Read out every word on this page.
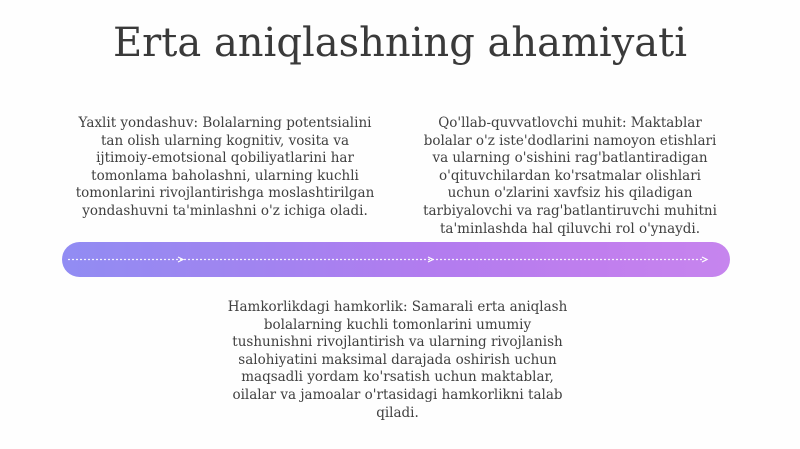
Erta aniqlashning ahamiyati
Yaxlit yondashuv: Bolalarning potentsialini tan olish ularning kognitiv, vosita va ijtimoiy-emotsional qobiliyatlarini har tomonlama baholashni, ularning kuchli tomonlarini rivojlantirishga moslashtirilgan yondashuvni ta'minlashni o'z ichiga oladi.
Qo'llab-quvvatlovchi muhit: Maktablar bolalar o'z iste'dodlarini namoyon etishlari va ularning o'sishini rag'batlantiradigan o'qituvchilardan ko'rsatmalar olishlari uchun o'zlarini xavfsiz his qiladigan tarbiyalovchi va rag'batlantiruvchi muhitni ta'minlashda hal qiluvchi rol o'ynaydi.
Hamkorlikdagi hamkorlik: Samarali erta aniqlash bolalarning kuchli tomonlarini umumiy tushunishni rivojlantirish va ularning rivojlanish salohiyatini maksimal darajada oshirish uchun maqsadli yordam ko'rsatish uchun maktablar, oilalar va jamoalar o'rtasidagi hamkorlikni talab qiladi.
